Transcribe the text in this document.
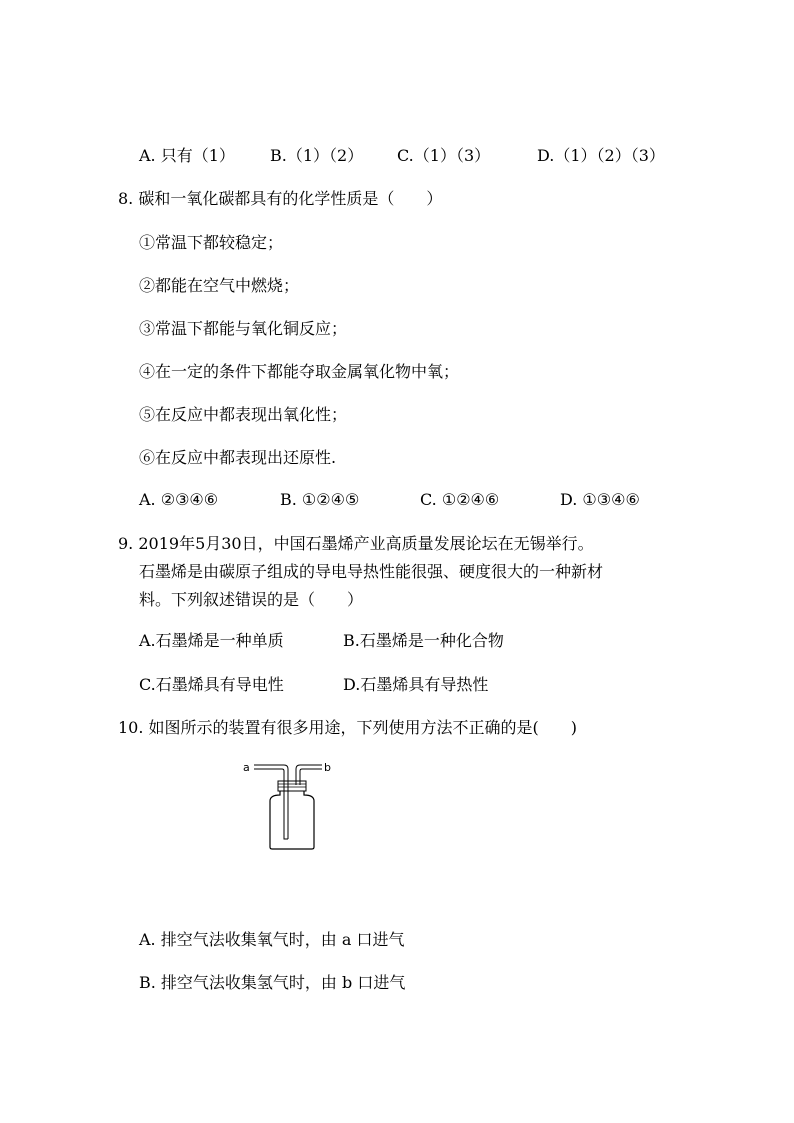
A. 只有（1） B.（1）（2） C.（1）（3）	D.（1）（2）（3）
8. 碳和一氧化碳都具有的化学性质是（　　）
①常温下都较稳定；
②都能在空气中燃烧；
③常温下都能与氧化铜反应；
④在一定的条件下都能夺取金属氧化物中氧；
⑤在反应中都表现出氧化性；
⑥在反应中都表现出还原性.
A. ②③④⑥	B. ①②④⑤	C. ①②④⑥	D. ①③④⑥
9. 2019年5月30日，中国石墨烯产业高质量发展论坛在无锡举行。
石墨烯是由碳原子组成的导电导热性能很强、硬度很大的一种新材
料。下列叙述错误的是（　　）
A.石墨烯是一种单质	B.石墨烯是一种化合物
C.石墨烯具有导电性	D.石墨烯具有导热性
10. 如图所示的装置有很多用途，下列使用方法不正确的是(　　)
a	b
A. 排空气法收集氧气时，由 a 口进气
B. 排空气法收集氢气时，由 b 口进气
